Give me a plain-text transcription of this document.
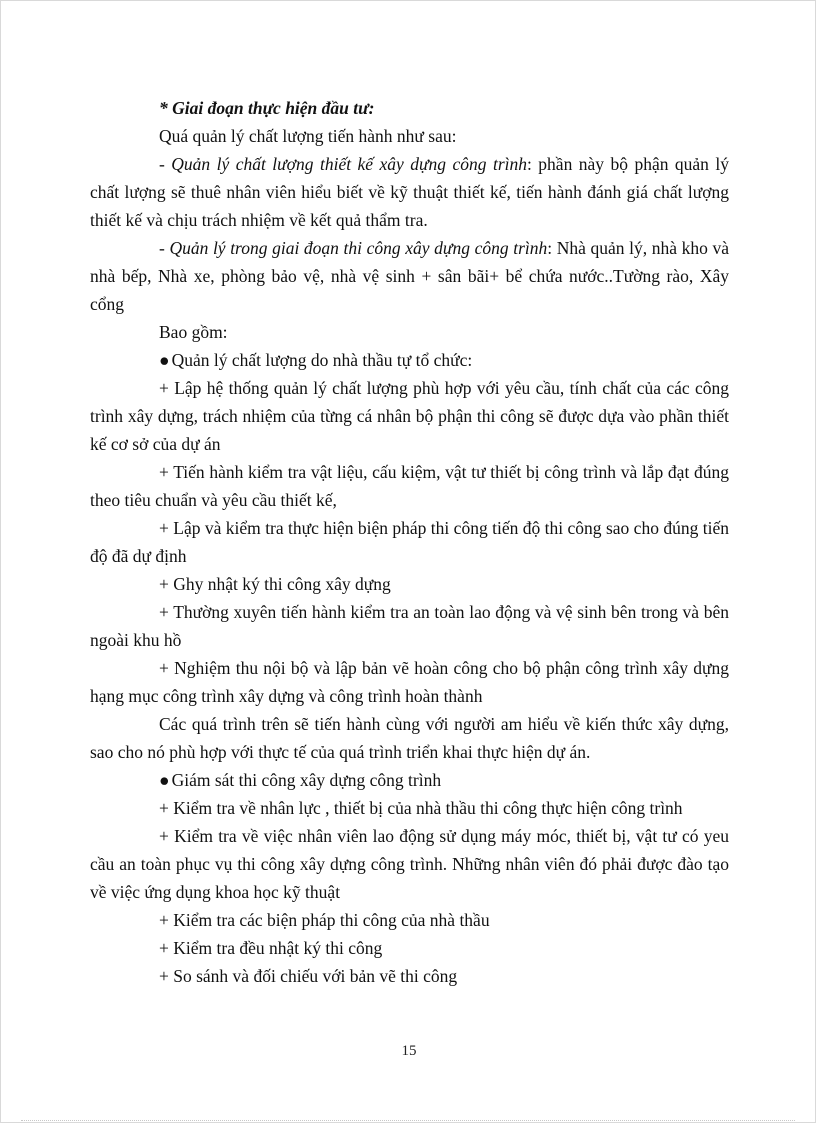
* Giai đoạn thực hiện đầu tư:

Quá quản lý chất lượng tiến hành như sau:

- Quản lý chất lượng thiết kế xây dựng công trình: phần này bộ phận quản lý chất lượng sẽ thuê nhân viên hiểu biết về kỹ thuật thiết kế, tiến hành đánh giá chất lượng thiết kế và chịu trách nhiệm về kết quả thẩm tra.

- Quản lý trong giai đoạn thi công xây dựng công trình: Nhà quản lý, nhà kho và nhà bếp, Nhà xe, phòng bảo vệ, nhà vệ sinh + sân bãi+ bể chứa nước..Tường rào, Xây cổng

Bao gồm:

● Quản lý chất lượng do nhà thầu tự tổ chức:

+ Lập hệ thống quản lý chất lượng phù hợp với yêu cầu, tính chất của các công trình xây dựng, trách nhiệm của từng cá nhân bộ phận thi công sẽ được dựa vào phần thiết kế cơ sở của dự án

+ Tiến hành kiểm tra vật liệu, cấu kiệm, vật tư thiết bị công trình và lắp đạt đúng theo tiêu chuẩn và yêu cầu thiết kế,

+ Lập và kiểm tra thực hiện biện pháp thi công tiến độ thi công sao cho đúng tiến độ đã dự định

+ Ghy nhật ký thi công xây dựng

+ Thường xuyên tiến hành kiểm tra an toàn lao động và vệ sinh bên trong và bên ngoài khu hồ

+ Nghiệm thu nội bộ và lập bản vẽ hoàn công cho bộ phận công trình xây dựng hạng mục công trình xây dựng và công trình hoàn thành

Các quá trình trên sẽ tiến hành cùng với người am hiểu về kiến thức xây dựng, sao cho nó phù hợp với thực tế của quá trình triển khai thực hiện dự án.

● Giám sát thi công xây dựng công trình

+ Kiểm tra về nhân lực , thiết bị của nhà thầu thi công thực hiện công trình

+ Kiểm tra về việc nhân viên lao động sử dụng máy móc, thiết bị, vật tư có yeu cầu an toàn phục vụ thi công xây dựng công trình. Những nhân viên đó phải được đào tạo về việc ứng dụng khoa học kỹ thuật

+ Kiểm tra các biện pháp thi công của nhà thầu

+ Kiểm tra đều nhật ký thi công

+ So sánh và đối chiếu với bản vẽ thi công

15
